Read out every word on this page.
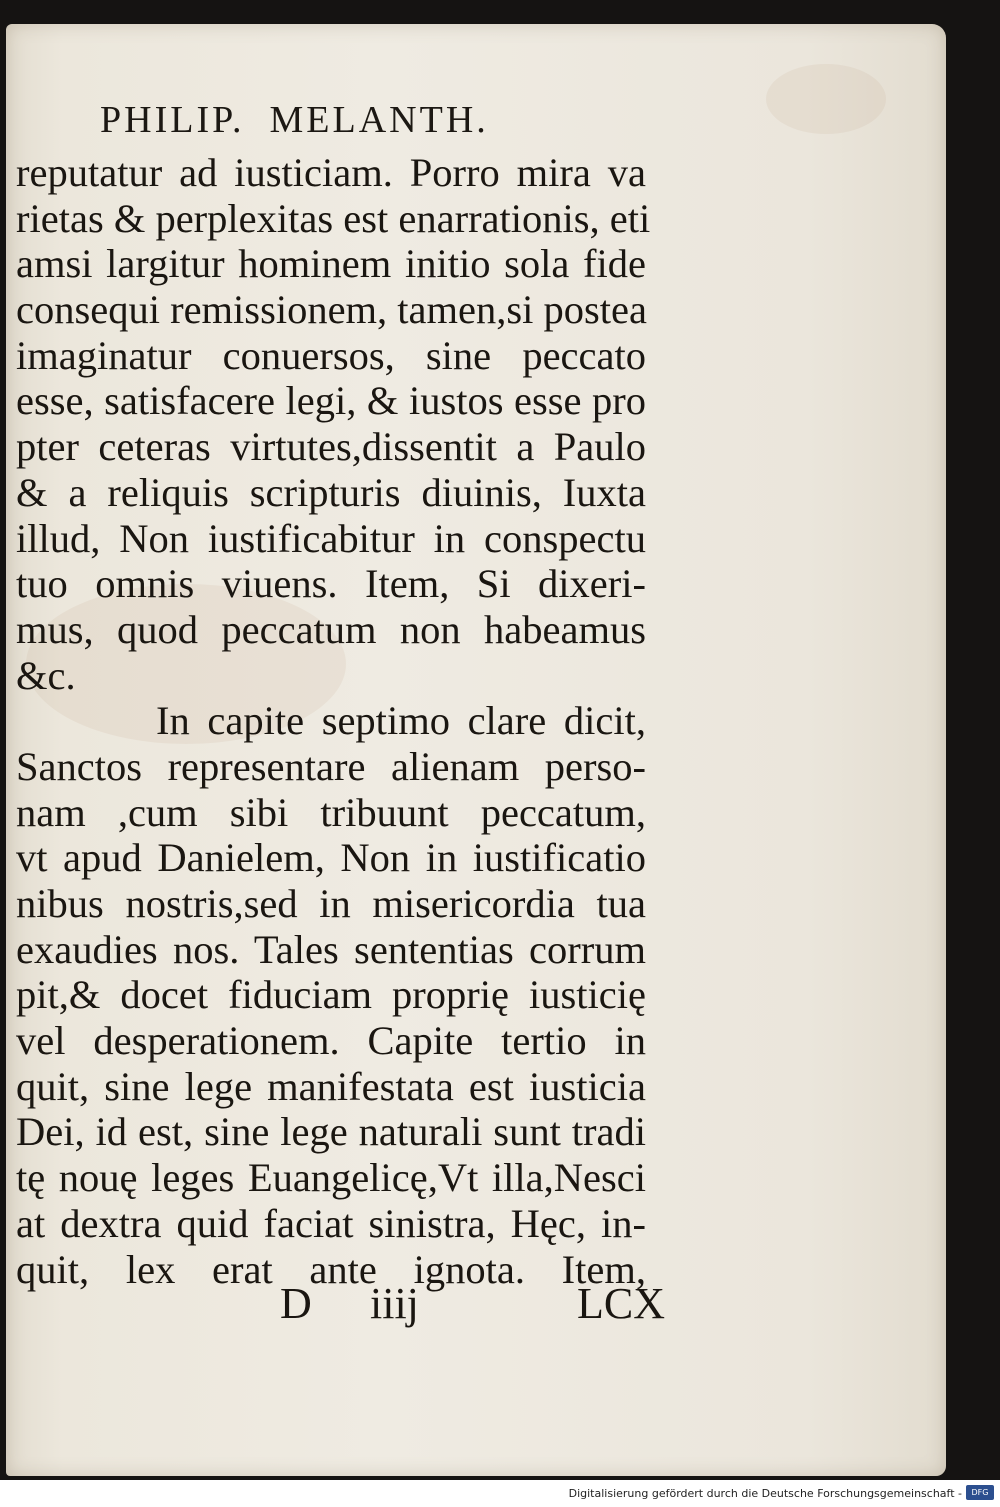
PHILIP.  MELANTH.
reputatur ad iusticiam. Porro mira va
rietas & perplexitas est enarrationis, eti
amsi largitur hominem initio sola fide
consequi remissionem, tamen,si postea
imaginatur conuersos, sine peccato
esse, satisfacere legi, & iustos esse pro
pter ceteras virtutes,dissentit a Paulo
& a reliquis scripturis diuinis, Iuxta
illud, Non iustificabitur in conspectu
tuo omnis viuens. Item, Si dixeri-
mus, quod peccatum non habeamus
&c.
In capite septimo clare dicit,
Sanctos representare alienam perso-
nam ,cum sibi tribuunt peccatum,
vt apud Danielem, Non in iustificatio
nibus nostris,sed in misericordia tua
exaudies nos. Tales sententias corrum
pit,& docet fiduciam proprię iusticię
vel desperationem. Capite tertio in
quit, sine lege manifestata est iusticia
Dei, id est, sine lege naturali sunt tradi
tę nouę leges Euangelicę,Vt illa,Nesci
at dextra quid faciat sinistra, Hęc, in-
quit, lex erat ante ignota. Item,
D iiij	LCX
Digitalisierung gefördert durch die Deutsche Forschungsgemeinschaft -	DFG
